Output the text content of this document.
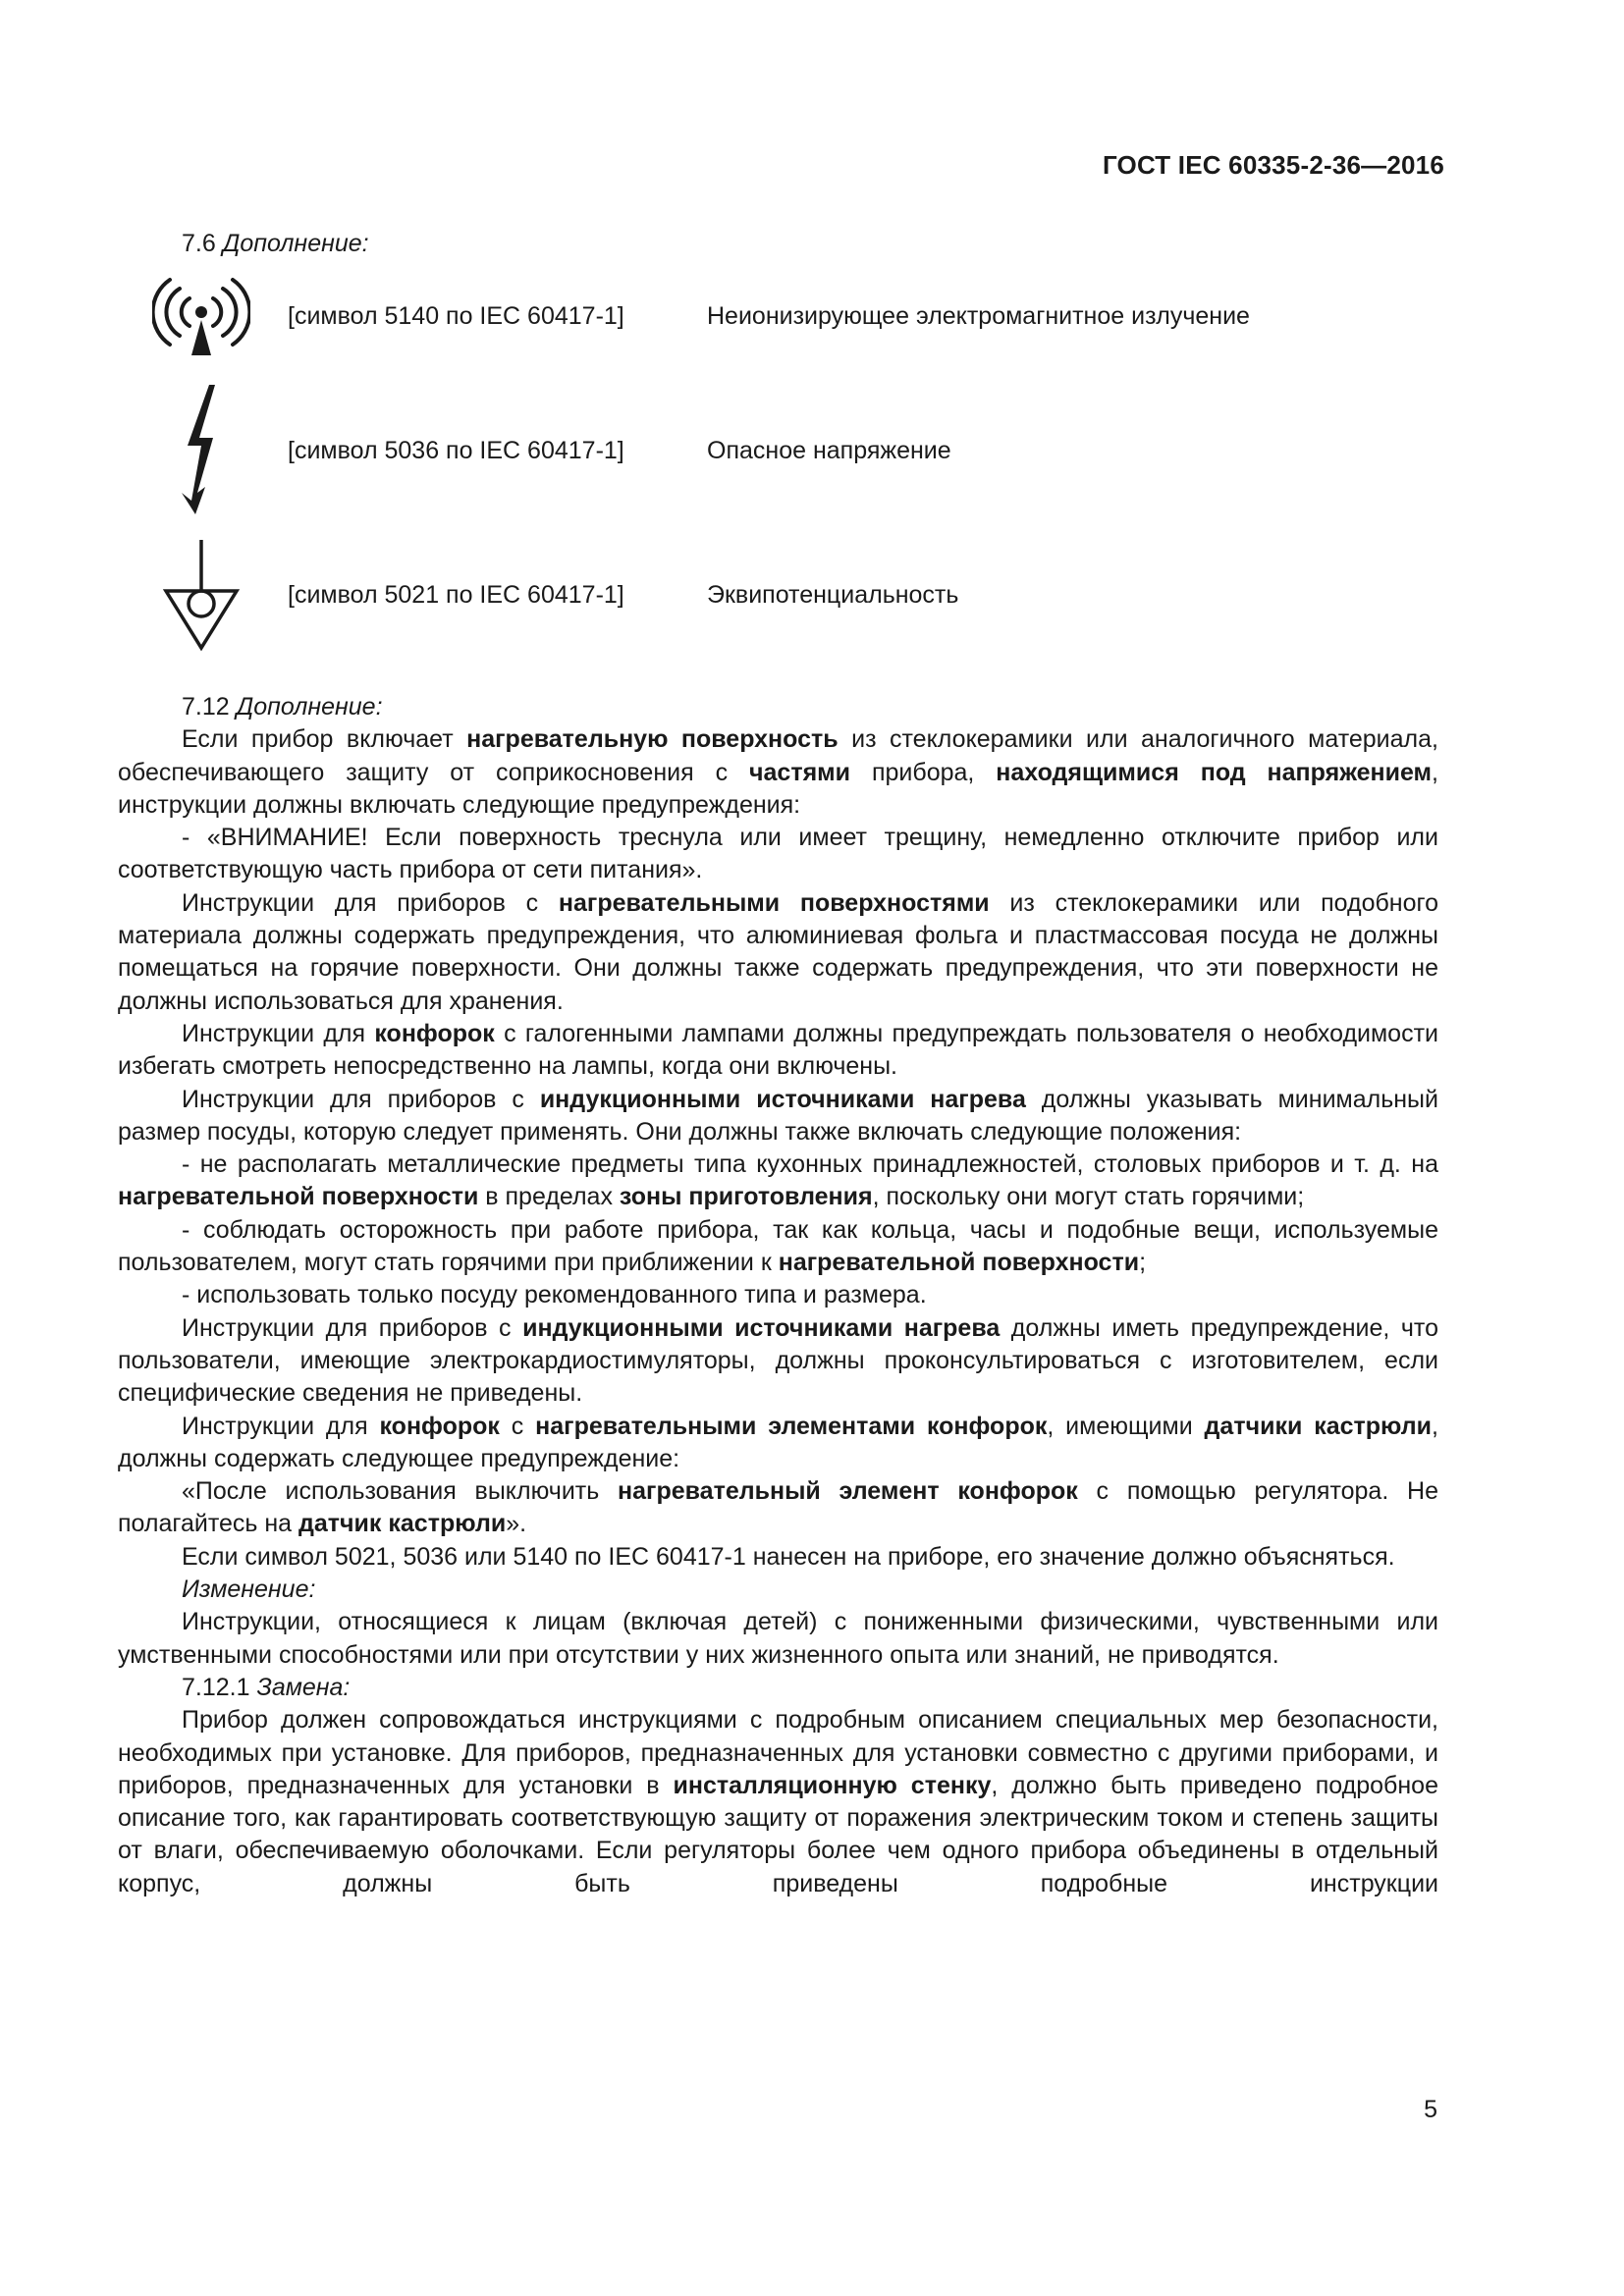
ГОСТ IEC 60335-2-36—2016
7.6 Дополнение:
[символ 5140 по IEC 60417-1]	Неионизирующее электромагнитное излучение
[символ 5036 по IEC 60417-1]	Опасное напряжение
[символ 5021 по IEC 60417-1]	Эквипотенциальность

7.12 Дополнение:

Если прибор включает нагревательную поверхность из стеклокерамики или аналогичного материала, обеспечивающего защиту от соприкосновения с частями прибора, находящимися под напряжением, инструкции должны включать следующие предупреждения:

- «ВНИМАНИЕ! Если поверхность треснула или имеет трещину, немедленно отключите прибор или соответствующую часть прибора от сети питания».

Инструкции для приборов с нагревательными поверхностями из стеклокерамики или подобного материала должны содержать предупреждения, что алюминиевая фольга и пластмассовая посуда не должны помещаться на горячие поверхности. Они должны также содержать предупреждения, что эти поверхности не должны использоваться для хранения.

Инструкции для конфорок с галогенными лампами должны предупреждать пользователя о необходимости избегать смотреть непосредственно на лампы, когда они включены.

Инструкции для приборов с индукционными источниками нагрева должны указывать минимальный размер посуды, которую следует применять. Они должны также включать следующие положения:

- не располагать металлические предметы типа кухонных принадлежностей, столовых приборов и т. д. на нагревательной поверхности в пределах зоны приготовления, поскольку они могут стать горячими;

- соблюдать осторожность при работе прибора, так как кольца, часы и подобные вещи, используемые пользователем, могут стать горячими при приближении к нагревательной поверхности;

- использовать только посуду рекомендованного типа и размера.

Инструкции для приборов с индукционными источниками нагрева должны иметь предупреждение, что пользователи, имеющие электрокардиостимуляторы, должны проконсультироваться с изготовителем, если специфические сведения не приведены.

Инструкции для конфорок с нагревательными элементами конфорок, имеющими датчики кастрюли, должны содержать следующее предупреждение:

«После использования выключить нагревательный элемент конфорок с помощью регулятора. Не полагайтесь на датчик кастрюли».

Если символ 5021, 5036 или 5140 по IEC 60417-1 нанесен на приборе, его значение должно объясняться.

Изменение:

Инструкции, относящиеся к лицам (включая детей) с пониженными физическими, чувственными или умственными способностями или при отсутствии у них жизненного опыта или знаний, не приводятся.

7.12.1 Замена:

Прибор должен сопровождаться инструкциями с подробным описанием специальных мер безопасности, необходимых при установке. Для приборов, предназначенных для установки совместно с другими приборами, и приборов, предназначенных для установки в инсталляционную стенку, должно быть приведено подробное описание того, как гарантировать соответствующую защиту от поражения электрическим током и степень защиты от влаги, обеспечиваемую оболочками. Если регуляторы более чем одного прибора объединены в отдельный корпус, должны быть приведены подробные инструкции

5
